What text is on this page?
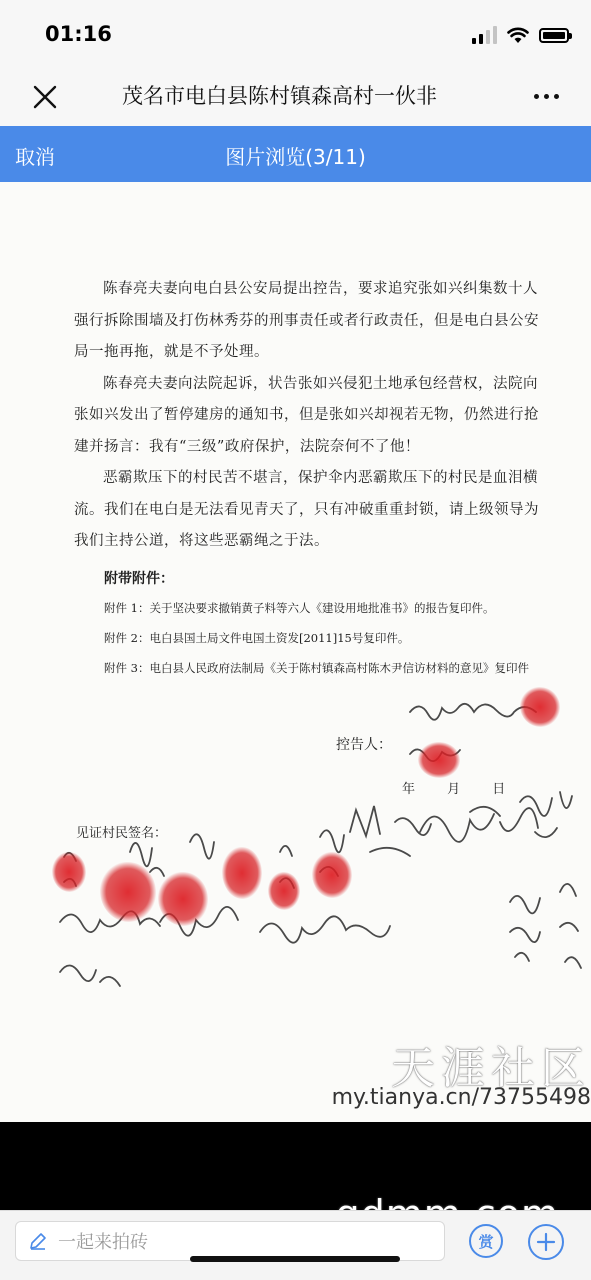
01:16
茂名市电白县陈村镇森高村一伙非
取消	图片浏览(3/11)

陈春亮夫妻向电白县公安局提出控告，要求追究张如兴纠集数十人强行拆除围墙及打伤林秀芬的刑事责任或者行政责任，但是电白县公安局一拖再拖，就是不予处理。

陈春亮夫妻向法院起诉，状告张如兴侵犯土地承包经营权，法院向张如兴发出了暂停建房的通知书，但是张如兴却视若无物，仍然进行抢建并扬言：我有“三级”政府保护，法院奈何不了他！

恶霸欺压下的村民苦不堪言，保护伞内恶霸欺压下的村民是血泪横流。我们在电白是无法看见青天了，只有冲破重重封锁，请上级领导为我们主持公道，将这些恶霸绳之于法。

附带附件：
附件 1：关于坚决要求撤销黄子料等六人《建设用地批准书》的报告复印件。
附件 2：电白县国土局文件电国土资发[2011]15号复印件。
附件 3：电白县人民政府法制局《关于陈村镇森高村陈木尹信访材料的意见》复印件
控告人：
年 月 日
见证村民签名：
天涯社区
my.tianya.cn/73755498
一起来拍砖	赏
